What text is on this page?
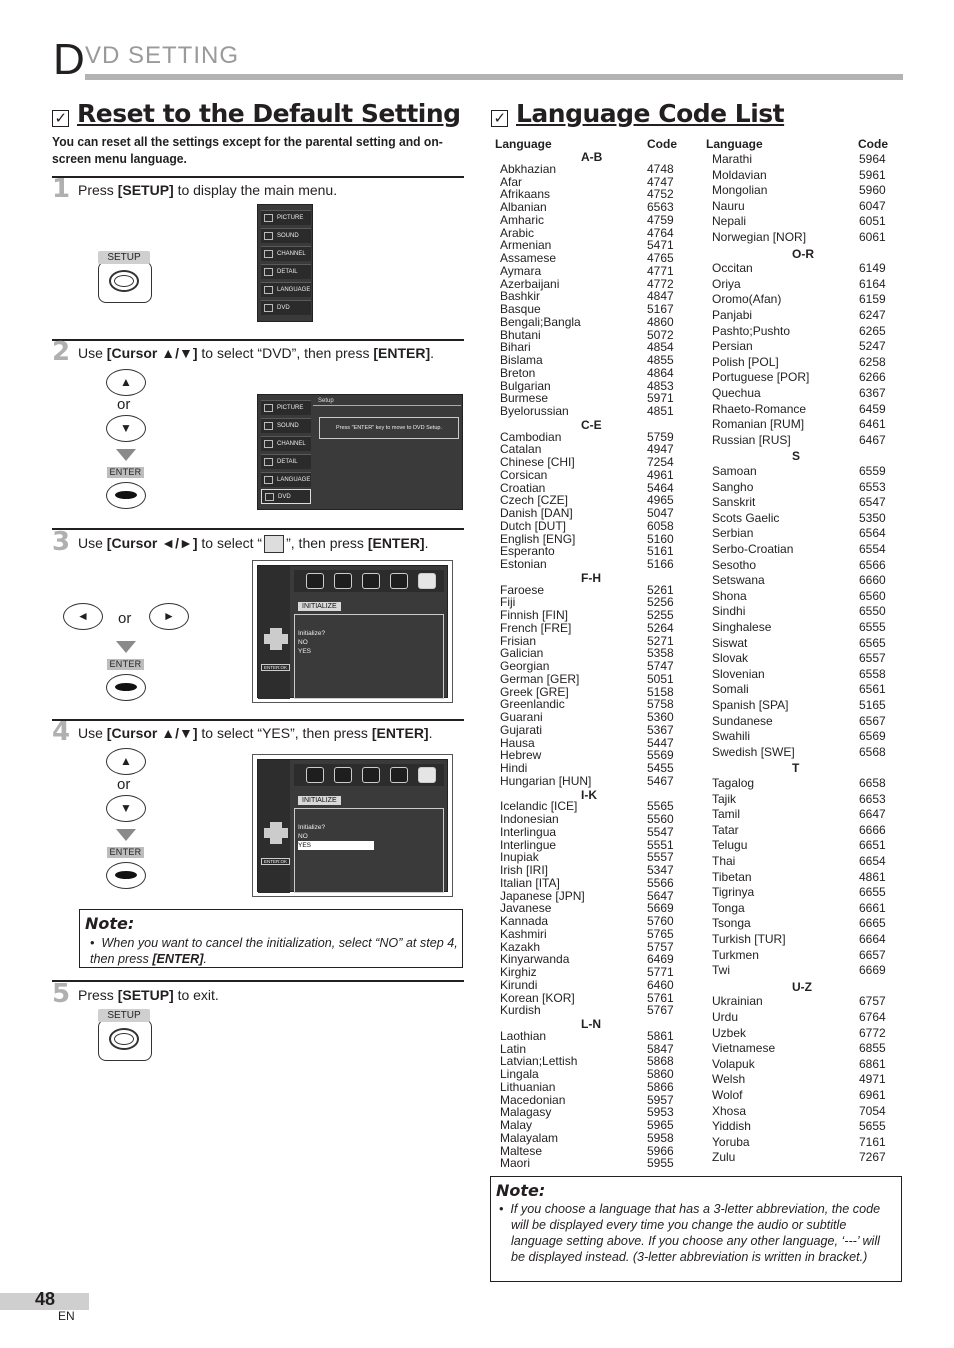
D VD SETTING
✓ Reset to the Default Setting
You can reset all the settings except for the parental setting and on-screen menu language.
1 Press [SETUP] to display the main menu.
SETUP
PICTURE
SOUND
CHANNEL
DETAIL
LANGUAGE
DVD
2 Use [Cursor ▲/▼] to select “DVD”, then press [ENTER].
▲
or
▼
ENTER
PICTURE
SOUND
CHANNEL
DETAIL
LANGUAGE
DVD
Setup
Press "ENTER" key to move to DVD Setup.
3 Use [Cursor ◄/►] to select “ ”, then press [ENTER].
◄	or	►
ENTER
INITIALIZE
Initialize?
NO
YES
ENTER:OK
4 Use [Cursor ▲/▼] to select “YES”, then press [ENTER].
▲
or
▼
ENTER
INITIALIZE
Initialize?
NO
YES
ENTER:OK
Note:
• When you want to cancel the initialization, select “NO” at step 4, then press [ENTER].
5 Press [SETUP] to exit.
SETUP
✓ Language Code List
Language	Code Language	Code
A-B
Abkhazian	4748
Afar	4747
Afrikaans	4752
Albanian	6563
Amharic	4759
Arabic	4764
Armenian	5471
Assamese	4765
Aymara	4771
Azerbaijani	4772
Bashkir	4847
Basque	5167
Bengali;Bangla	4860
Bhutani	5072
Bihari	4854
Bislama	4855
Breton	4864
Bulgarian	4853
Burmese	5971
Byelorussian	4851
C-E
Cambodian	5759
Catalan	4947
Chinese [CHI]	7254
Corsican	4961
Croatian	5464
Czech [CZE]	4965
Danish [DAN]	5047
Dutch [DUT]	6058
English [ENG]	5160
Esperanto	5161
Estonian	5166
F-H
Faroese	5261
Fiji	5256
Finnish [FIN]	5255
French [FRE]	5264
Frisian	5271
Galician	5358
Georgian	5747
German [GER]	5051
Greek [GRE]	5158
Greenlandic	5758
Guarani	5360
Gujarati	5367
Hausa	5447
Hebrew	5569
Hindi	5455
Hungarian [HUN]	5467
I-K
Icelandic [ICE]	5565
Indonesian	5560
Interlingua	5547
Interlingue	5551
Inupiak	5557
Irish [IRI]	5347
Italian [ITA]	5566
Japanese [JPN]	5647
Javanese	5669
Kannada	5760
Kashmiri	5765
Kazakh	5757
Kinyarwanda	6469
Kirghiz	5771
Kirundi	6460
Korean [KOR]	5761
Kurdish	5767
L-N
Laothian	5861
Latin	5847
Latvian;Lettish	5868
Lingala	5860
Lithuanian	5866
Macedonian	5957
Malagasy	5953
Malay	5965
Malayalam	5958
Maltese	5966
Maori	5955
Marathi	5964
Moldavian	5961
Mongolian	5960
Nauru	6047
Nepali	6051
Norwegian [NOR]	6061
O-R
Occitan	6149
Oriya	6164
Oromo(Afan)	6159
Panjabi	6247
Pashto;Pushto	6265
Persian	5247
Polish [POL]	6258
Portuguese [POR]	6266
Quechua	6367
Rhaeto-Romance	6459
Romanian [RUM]	6461
Russian [RUS]	6467
S
Samoan	6559
Sangho	6553
Sanskrit	6547
Scots Gaelic	5350
Serbian	6564
Serbo-Croatian	6554
Sesotho	6566
Setswana	6660
Shona	6560
Sindhi	6550
Singhalese	6555
Siswat	6565
Slovak	6557
Slovenian	6558
Somali	6561
Spanish [SPA]	5165
Sundanese	6567
Swahili	6569
Swedish [SWE]	6568
T
Tagalog	6658
Tajik	6653
Tamil	6647
Tatar	6666
Telugu	6651
Thai	6654
Tibetan	4861
Tigrinya	6655
Tonga	6661
Tsonga	6665
Turkish [TUR]	6664
Turkmen	6657
Twi	6669
U-Z
Ukrainian	6757
Urdu	6764
Uzbek	6772
Vietnamese	6855
Volapuk	6861
Welsh	4971
Wolof	6961
Xhosa	7054
Yiddish	5655
Yoruba	7161
Zulu	7267
Note:
• If you choose a language that has a 3-letter abbreviation, the code will be displayed every time you change the audio or subtitle language setting above. If you choose any other language, ‘---’ will be displayed instead. (3-letter abbreviation is written in bracket.)
48
EN
